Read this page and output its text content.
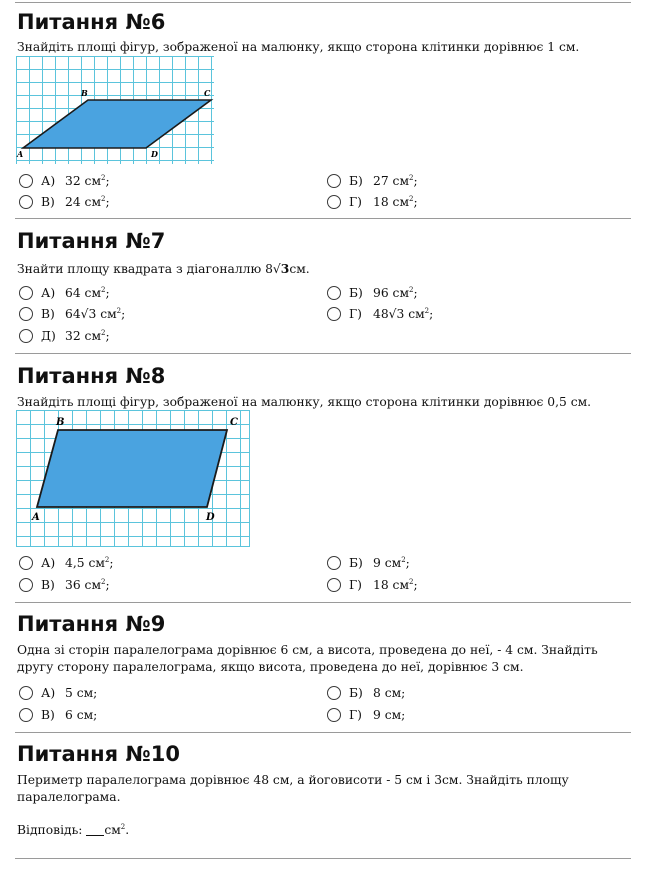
Питання №6
Знайдіть площі фігур, зображеної на малюнку, якщо сторона клітинки дорівнює 1 см.
B	C
A	D
А) 32 $см^2$;	Б) 27 $см^2$;
В) 24 $см^2$;	Г) 18 $см^2$;
Питання №7
Знайти площу квадрата з діагоналлю 8√3см.
А) 64 $см^2$;	Б) 96 $см^2$;
В) 64√3 $см^2$;	Г) 48√3 $см^2$;
Д) 32 $см^2$;
Питання №8
Знайдіть площі фігур, зображеної на малюнку, якщо сторона клітинки дорівнює 0,5 см.
B	C
A	D
А) 4,5 $см^2$;	Б) 9 $см^2$;
В) 36 $см^2$;	Г) 18 $см^2$;
Питання №9
Одна зі сторін паралелограма дорівнює 6 см, а висота, проведена до неї, - 4 см. Знайдіть другу сторону паралелограма, якщо висота, проведена до неї, дорівнює 3 см.
А) 5 см;	Б) 8 см;
В) 6 см;	Г) 9 см;
Питання №10
Периметр паралелограма дорівнює 48 см, а йоговисоти - 5 см і 3см. Знайдіть площу паралелограма.
Відповідь: $см^2$.
